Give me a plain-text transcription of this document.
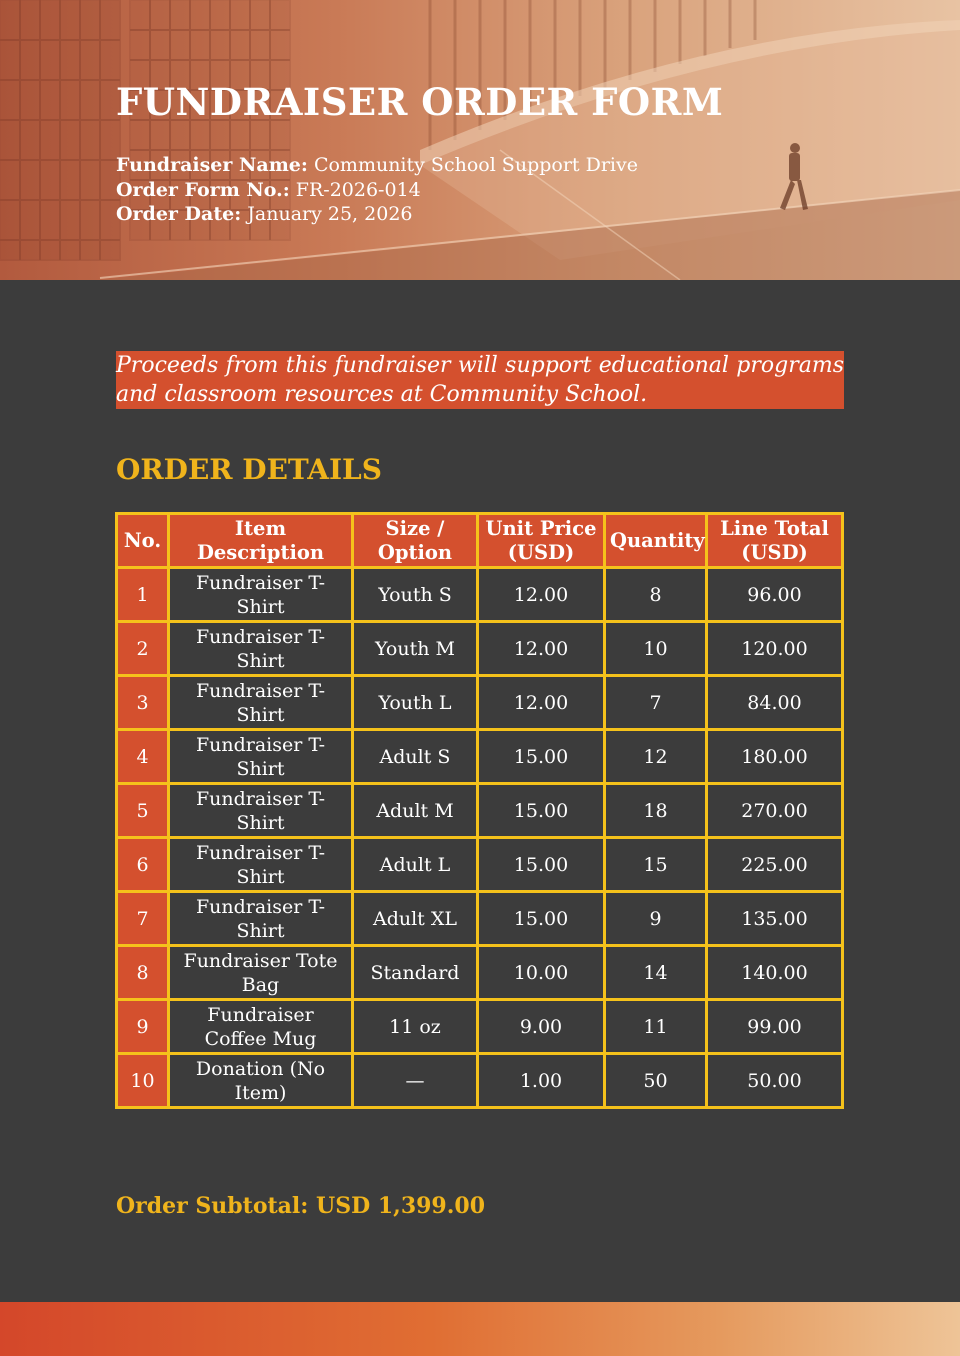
FUNDRAISER ORDER FORM
Fundraiser Name: Community School Support Drive
Order Form No.: FR-2026-014
Order Date: January 25, 2026
Proceeds from this fundraiser will support educational programs and classroom resources at Community School.
ORDER DETAILS
No.	Item Description	Size / Option	Unit Price (USD)	Quantity	Line Total (USD)
1	Fundraiser T-Shirt	Youth S	12.00	8	96.00
2	Fundraiser T-Shirt	Youth M	12.00	10	120.00
3	Fundraiser T-Shirt	Youth L	12.00	7	84.00
4	Fundraiser T-Shirt	Adult S	15.00	12	180.00
5	Fundraiser T-Shirt	Adult M	15.00	18	270.00
6	Fundraiser T-Shirt	Adult L	15.00	15	225.00
7	Fundraiser T-Shirt	Adult XL	15.00	9	135.00
8	Fundraiser Tote Bag	Standard	10.00	14	140.00
9	Fundraiser Coffee Mug	11 oz	9.00	11	99.00
10	Donation (No Item)	—	1.00	50	50.00
Order Subtotal: USD 1,399.00
